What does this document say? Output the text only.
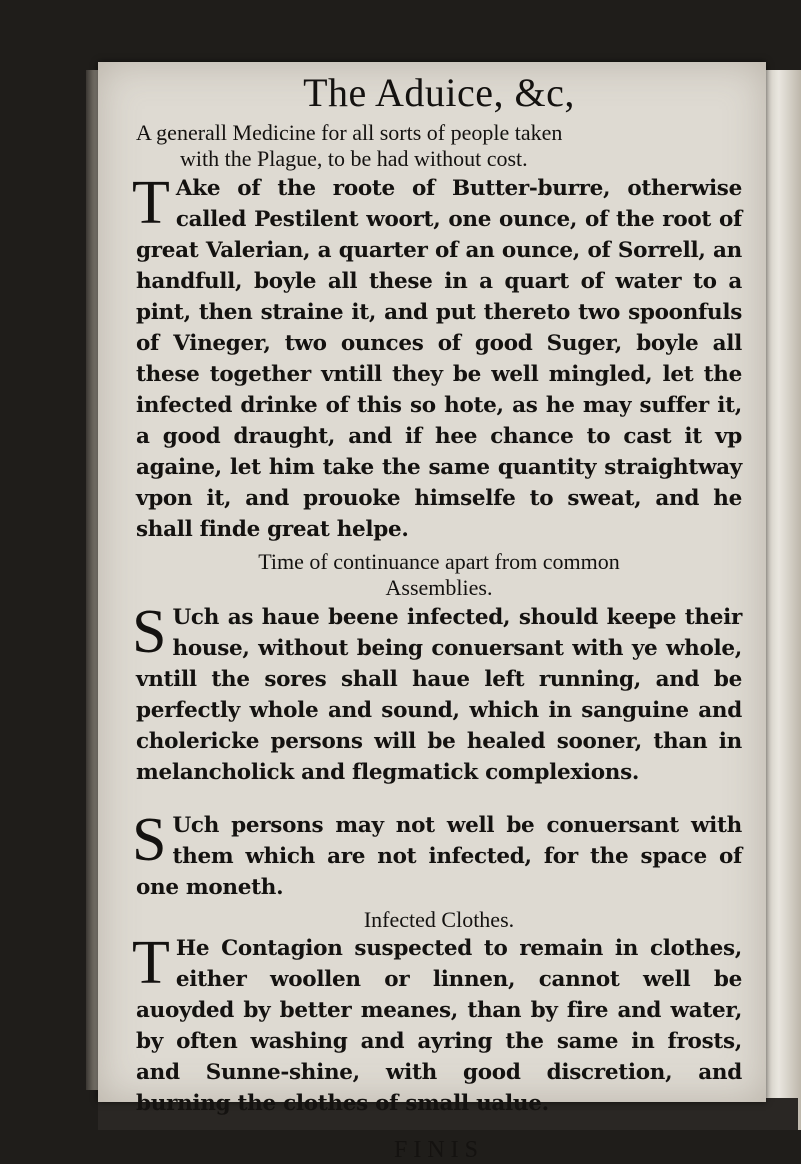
The Aduice, &c,

A generall Medicine for all sorts of people taken

with the Plague, to be had without cost.

T Ake of the roote of Butter-burre, otherwise called Pestilent woort, one ounce, of the root of great Valerian, a quarter of an ounce, of Sorrell, an handfull, boyle all these in a quart of water to a pint, then straine it, and put thereto two spoonfuls of Vineger, two ounces of good Suger, boyle all these together vntill they be well mingled, let the infected drinke of this so hote, as he may suffer it, a good draught, and if hee chance to cast it vp againe, let him take the same quantity straightway vpon it, and prouoke himselfe to sweat, and he shall finde great helpe.

Time of continuance apart from common

Assemblies.

S Uch as haue beene infected, should keepe their house, without being conuersant with ye whole, vntill the sores shall haue left running, and be perfectly whole and sound, which in sanguine and cholericke persons will be healed sooner, than in melancholick and flegmatick complexions.

S Uch persons may not well be conuersant with them which are not infected, for the space of one moneth.

Infected Clothes.

T He Contagion suspected to remain in clothes, either woollen or linnen, cannot well be auoyded by better meanes, than by fire and water, by often washing and ayring the same in frosts, and Sunne-shine, with good discretion, and burning the clothes of small ualue.

FINIS
